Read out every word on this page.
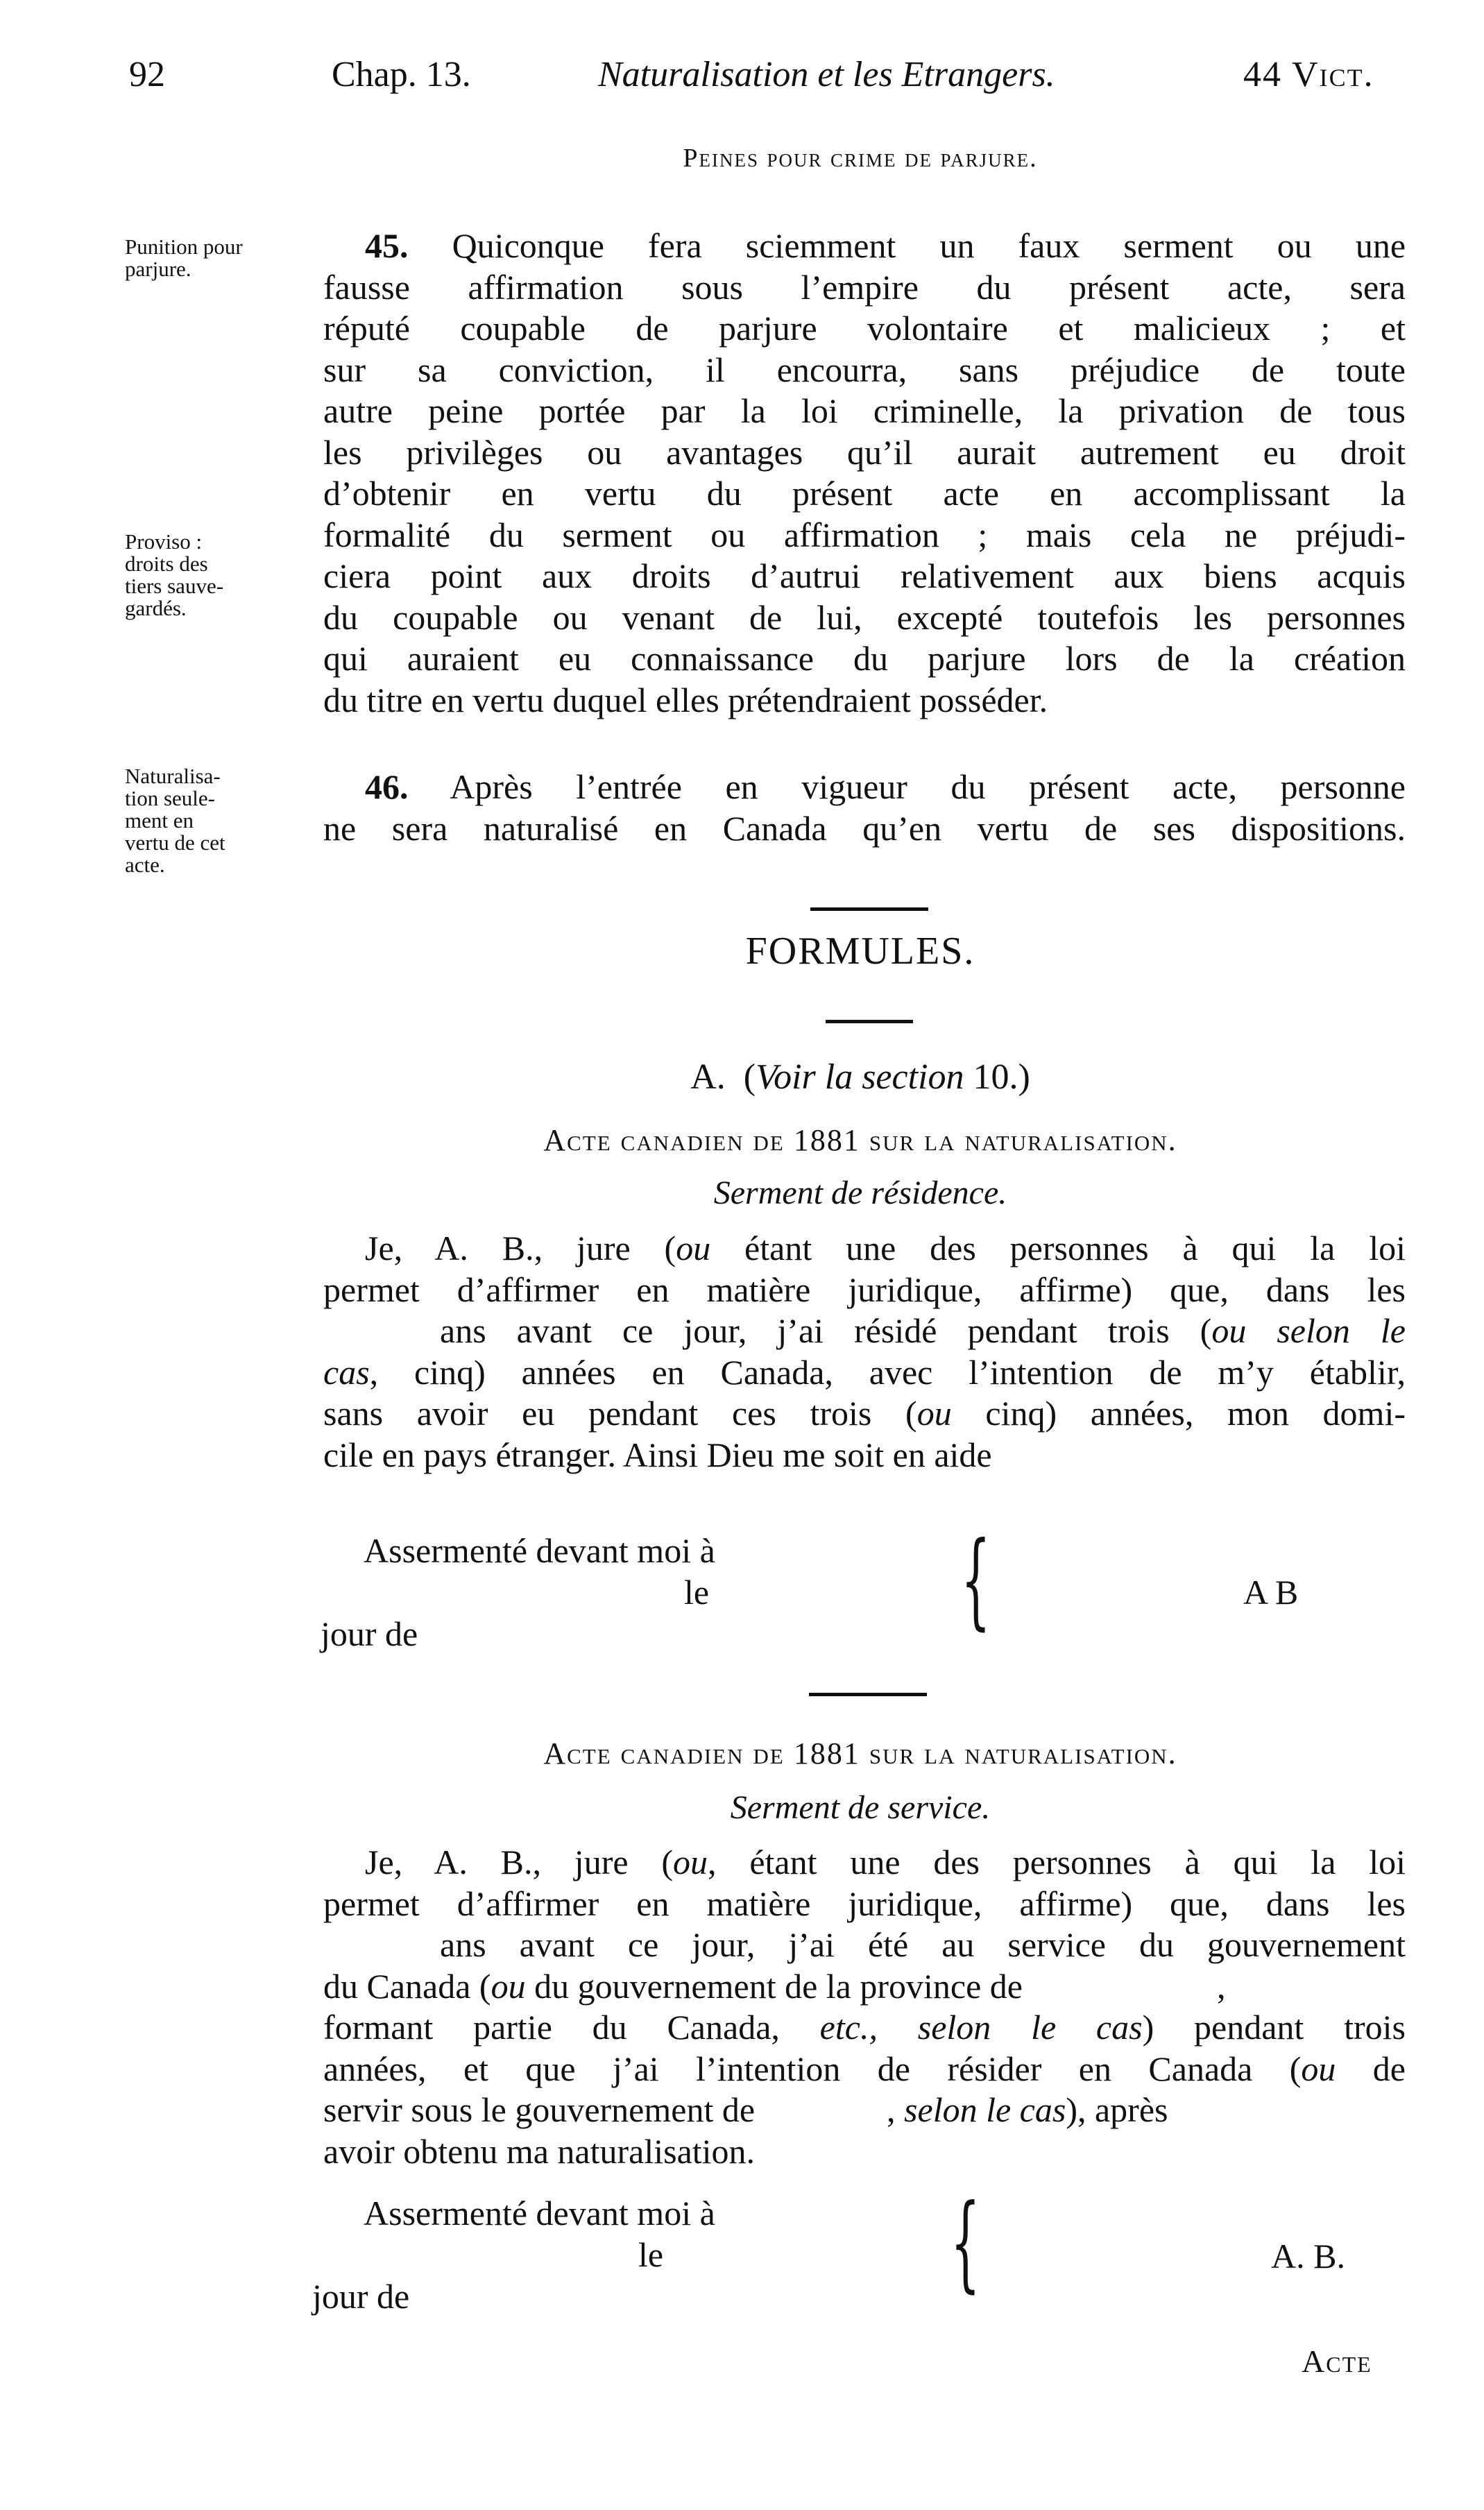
92	Chap. 13.	Naturalisation et les Etrangers.	44 Vict.
Peines pour crime de parjure.
Punition pour
parjure.
Proviso :
droits des
tiers sauve-
gardés.
Naturalisa-
tion seule-
ment en
vertu de cet
acte.
45. Quiconque fera sciemment un faux serment ou une
fausse affirmation sous l’empire du présent acte, sera
réputé coupable de parjure volontaire et malicieux ; et
sur sa conviction, il encourra, sans préjudice de toute
autre peine portée par la loi criminelle, la privation de tous
les privilèges ou avantages qu’il aurait autrement eu droit
d’obtenir en vertu du présent acte en accomplissant la
formalité du serment ou affirmation ; mais cela ne préjudi-
ciera point aux droits d’autrui relativement aux biens acquis
du coupable ou venant de lui, excepté toutefois les personnes
qui auraient eu connaissance du parjure lors de la création
du titre en vertu duquel elles prétendraient posséder.
46. Après l’entrée en vigueur du présent acte, personne
ne sera naturalisé en Canada qu’en vertu de ses dispositions.
FORMULES.
A. (Voir la section 10.)
Acte canadien de 1881 sur la naturalisation.
Serment de résidence.
Je, A. B., jure (ou étant une des personnes à qui la loi
permet d’affirmer en matière juridique, affirme) que, dans les
ans avant ce jour, j’ai résidé pendant trois (ou selon le
cas, cinq) années en Canada, avec l’intention de m’y établir,
sans avoir eu pendant ces trois (ou cinq) années, mon domi-
cile en pays étranger. Ainsi Dieu me soit en aide
Assermenté devant moi à
le
jour de	{	A B
Acte canadien de 1881 sur la naturalisation.
Serment de service.
Je, A. B., jure (ou, étant une des personnes à qui la loi
permet d’affirmer en matière juridique, affirme) que, dans les
ans avant ce jour, j’ai été au service du gouvernement
du Canada (ou du gouvernement de la province de	,
formant partie du Canada, etc., selon le cas) pendant trois
années, et que j’ai l’intention de résider en Canada (ou de
servir sous le gouvernement de	, selon le cas), après
avoir obtenu ma naturalisation.
Assermenté devant moi à
le
jour de	{	A. B.
Acte
